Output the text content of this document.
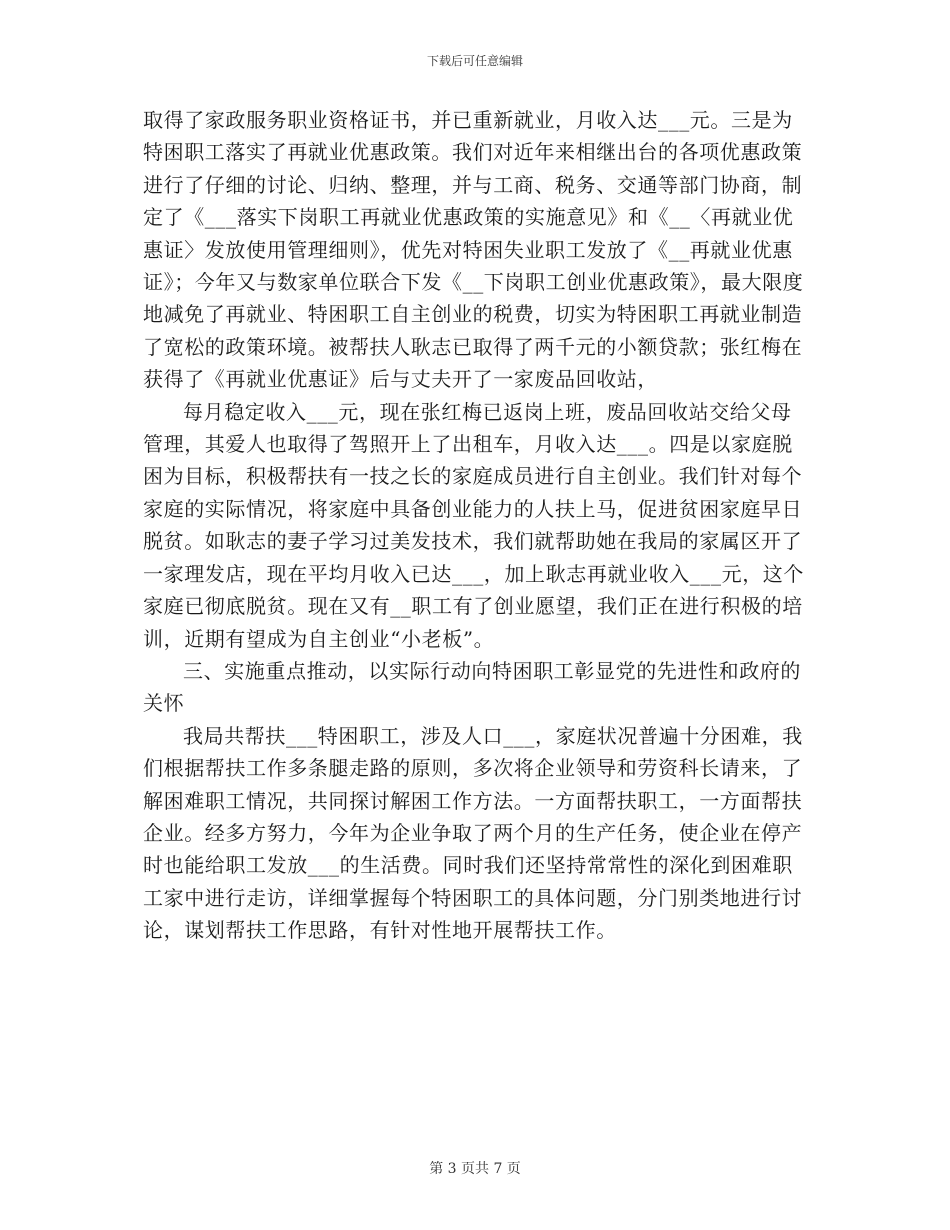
下载后可任意编辑

取得了家政服务职业资格证书，并已重新就业，月收入达___元。三是为特困职工落实了再就业优惠政策。我们对近年来相继出台的各项优惠政策进行了仔细的讨论、归纳、整理，并与工商、税务、交通等部门协商，制定了《___落实下岗职工再就业优惠政策的实施意见》和《__〈再就业优惠证〉发放使用管理细则》，优先对特困失业职工发放了《__再就业优惠证》；今年又与数家单位联合下发《__下岗职工创业优惠政策》，最大限度地减免了再就业、特困职工自主创业的税费，切实为特困职工再就业制造了宽松的政策环境。被帮扶人耿志已取得了两千元的小额贷款；张红梅在获得了《再就业优惠证》后与丈夫开了一家废品回收站，

每月稳定收入___元，现在张红梅已返岗上班，废品回收站交给父母管理，其爱人也取得了驾照开上了出租车，月收入达___。四是以家庭脱困为目标，积极帮扶有一技之长的家庭成员进行自主创业。我们针对每个家庭的实际情况，将家庭中具备创业能力的人扶上马，促进贫困家庭早日脱贫。如耿志的妻子学习过美发技术，我们就帮助她在我局的家属区开了一家理发店，现在平均月收入已达___，加上耿志再就业收入___元，这个家庭已彻底脱贫。现在又有__职工有了创业愿望，我们正在进行积极的培训，近期有望成为自主创业“小老板”。

三、实施重点推动，以实际行动向特困职工彰显党的先进性和政府的关怀

我局共帮扶___特困职工，涉及人口___，家庭状况普遍十分困难，我们根据帮扶工作多条腿走路的原则，多次将企业领导和劳资科长请来，了解困难职工情况，共同探讨解困工作方法。一方面帮扶职工，一方面帮扶企业。经多方努力，今年为企业争取了两个月的生产任务，使企业在停产时也能给职工发放___的生活费。同时我们还坚持常常性的深化到困难职工家中进行走访，详细掌握每个特困职工的具体问题，分门别类地进行讨论，谋划帮扶工作思路，有针对性地开展帮扶工作。

第 3 页共 7 页
